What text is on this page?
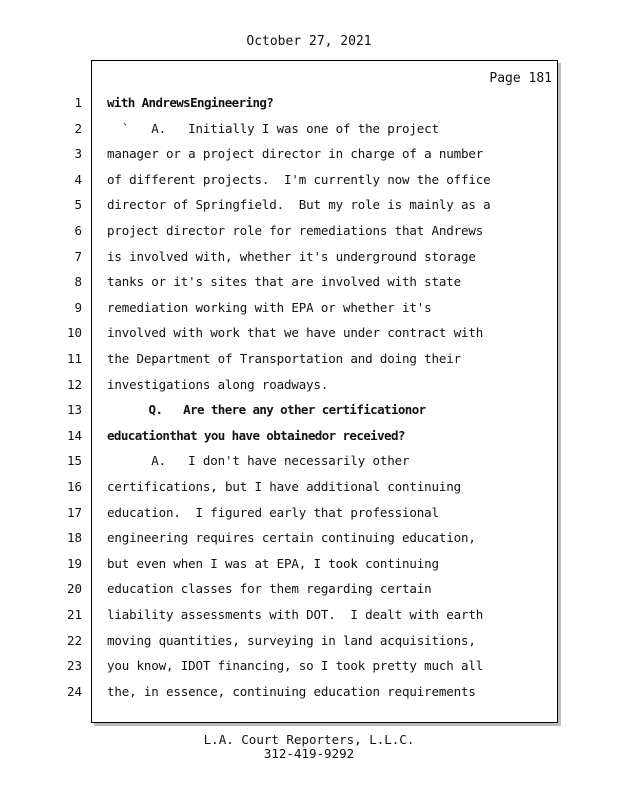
October 27, 2021
Page 181
1
2
3
4
5
6
7
8
9
10
11
12
13
14
15
16
17
18
19
20
21
22
23
24
with AndrewsEngineering?
`   A.   Initially I was one of the project
manager or a project director in charge of a number
of different projects.  I'm currently now the office
director of Springfield.  But my role is mainly as a
project director role for remediations that Andrews
is involved with, whether it's underground storage
tanks or it's sites that are involved with state
remediation working with EPA or whether it's
involved with work that we have under contract with
the Department of Transportation and doing their
investigations along roadways.
Q.   Are there any other certificationor
educationthat you have obtainedor received?
A.   I don't have necessarily other
certifications, but I have additional continuing
education.  I figured early that professional
engineering requires certain continuing education,
but even when I was at EPA, I took continuing
education classes for them regarding certain
liability assessments with DOT.  I dealt with earth
moving quantities, surveying in land acquisitions,
you know, IDOT financing, so I took pretty much all
the, in essence, continuing education requirements
L.A. Court Reporters, L.L.C.
312-419-9292
